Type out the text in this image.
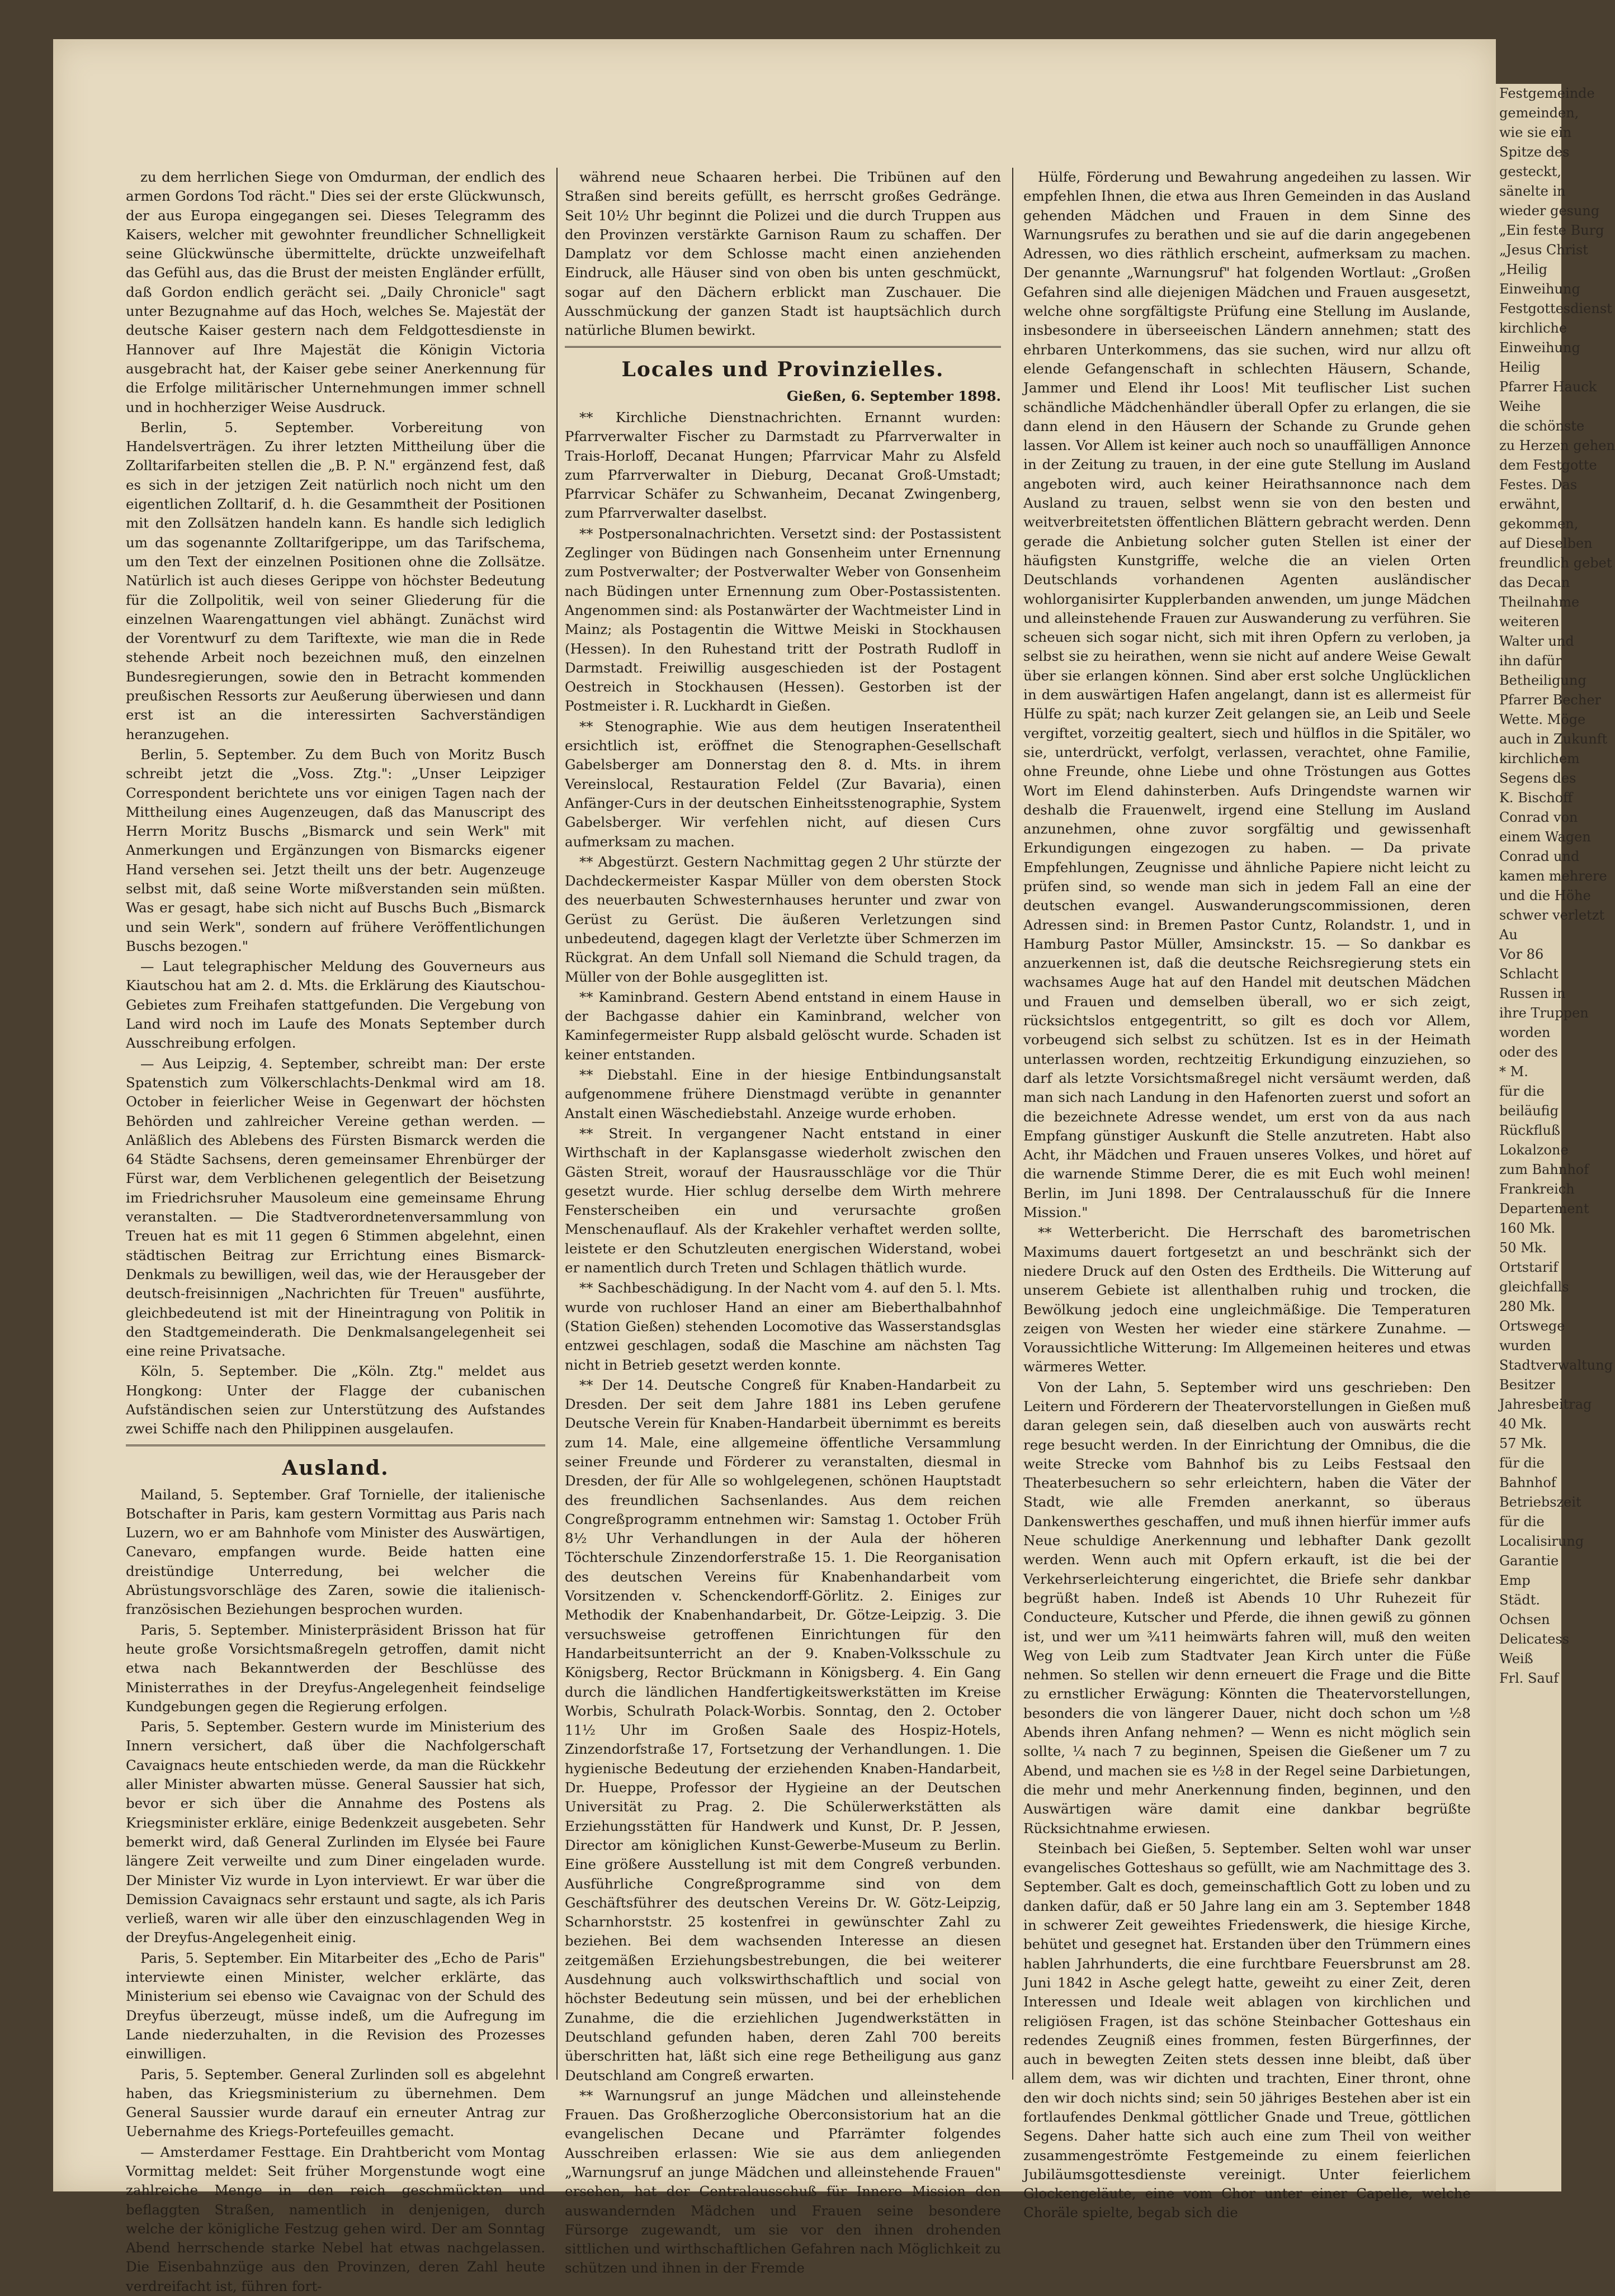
Festgemeinde
gemeinden,
wie sie ein
Spitze des
gesteckt,
sänelte in
wieder gesung
„Ein feste Burg
„Jesus Christ
„Heilig
Einweihung
Festgottesdienst
kirchliche
Einweihung
Heilig
Pfarrer Hauck
Weihe
die schönste
zu Herzen gehen
dem Festgotte
Festes. Das
erwähnt,
gekommen,
auf Dieselben
freundlich gebet
das Decan
Theilnahme
weiteren
Walter und
ihn dafür
Betheiligung
Pfarrer Becher
Wette. Möge
auch in Zukunft
kirchlichem
Segens des
K. Bischoff
Conrad von
einem Wagen
Conrad und
kamen mehrere
und die Höhe
schwer verletzt
Au
Vor 86
Schlacht
Russen in
ihre Truppen
worden
oder des
* M.
für die
beiläufig
Rückfluß
Lokalzone
zum Bahnhof
Frankreich
Departement
160 Mk.
50 Mk.
Ortstarif
gleichfalls
280 Mk.
Ortswege
wurden
Stadtverwaltung
Besitzer
Jahresbeitrag
40 Mk.
57 Mk.
für die
Bahnhof
Betriebszeit
für die
Localisirung
Garantie
Emp
Städt.
Ochsen
Delicatess
Weiß
Frl. Sauf

zu dem herrlichen Siege von Omdurman, der endlich des armen Gordons Tod rächt." Dies sei der erste Glückwunsch, der aus Europa eingegangen sei. Dieses Telegramm des Kaisers, welcher mit gewohnter freundlicher Schnelligkeit seine Glückwünsche übermittelte, drückte unzweifelhaft das Gefühl aus, das die Brust der meisten Engländer erfüllt, daß Gordon endlich gerächt sei. „Daily Chronicle" sagt unter Bezugnahme auf das Hoch, welches Se. Majestät der deutsche Kaiser gestern nach dem Feldgottesdienste in Hannover auf Ihre Majestät die Königin Victoria ausgebracht hat, der Kaiser gebe seiner Anerkennung für die Erfolge militärischer Unternehmungen immer schnell und in hochherziger Weise Ausdruck.

Berlin, 5. September. Vorbereitung von Handelsverträgen. Zu ihrer letzten Mittheilung über die Zolltarifarbeiten stellen die „B. P. N." ergänzend fest, daß es sich in der jetzigen Zeit natürlich noch nicht um den eigentlichen Zolltarif, d. h. die Gesammtheit der Positionen mit den Zollsätzen handeln kann. Es handle sich lediglich um das sogenannte Zolltarifgerippe, um das Tarifschema, um den Text der einzelnen Positionen ohne die Zollsätze. Natürlich ist auch dieses Gerippe von höchster Bedeutung für die Zollpolitik, weil von seiner Gliederung für die einzelnen Waarengattungen viel abhängt. Zunächst wird der Vorentwurf zu dem Tariftexte, wie man die in Rede stehende Arbeit noch bezeichnen muß, den einzelnen Bundesregierungen, sowie den in Betracht kommenden preußischen Ressorts zur Aeußerung überwiesen und dann erst ist an die interessirten Sachverständigen heranzugehen.

Berlin, 5. September. Zu dem Buch von Moritz Busch schreibt jetzt die „Voss. Ztg.": „Unser Leipziger Correspondent berichtete uns vor einigen Tagen nach der Mittheilung eines Augenzeugen, daß das Manuscript des Herrn Moritz Buschs „Bismarck und sein Werk" mit Anmerkungen und Ergänzungen von Bismarcks eigener Hand versehen sei. Jetzt theilt uns der betr. Augenzeuge selbst mit, daß seine Worte mißverstanden sein müßten. Was er gesagt, habe sich nicht auf Buschs Buch „Bismarck und sein Werk", sondern auf frühere Veröffentlichungen Buschs bezogen."

— Laut telegraphischer Meldung des Gouverneurs aus Kiautschou hat am 2. d. Mts. die Erklärung des Kiautschou-Gebietes zum Freihafen stattgefunden. Die Vergebung von Land wird noch im Laufe des Monats September durch Ausschreibung erfolgen.

— Aus Leipzig, 4. September, schreibt man: Der erste Spatenstich zum Völkerschlachts-Denkmal wird am 18. October in feierlicher Weise in Gegenwart der höchsten Behörden und zahlreicher Vereine gethan werden. — Anläßlich des Ablebens des Fürsten Bismarck werden die 64 Städte Sachsens, deren gemeinsamer Ehrenbürger der Fürst war, dem Verblichenen gelegentlich der Beisetzung im Friedrichsruher Mausoleum eine gemeinsame Ehrung veranstalten. — Die Stadtverordnetenversammlung von Treuen hat es mit 11 gegen 6 Stimmen abgelehnt, einen städtischen Beitrag zur Errichtung eines Bismarck-Denkmals zu bewilligen, weil das, wie der Herausgeber der deutsch-freisinnigen „Nachrichten für Treuen" ausführte, gleichbedeutend ist mit der Hineintragung von Politik in den Stadtgemeinderath. Die Denkmalsangelegenheit sei eine reine Privatsache.

Köln, 5. September. Die „Köln. Ztg." meldet aus Hongkong: Unter der Flagge der cubanischen Aufständischen seien zur Unterstützung des Aufstandes zwei Schiffe nach den Philippinen ausgelaufen.

Ausland.

Mailand, 5. September. Graf Tornielle, der italienische Botschafter in Paris, kam gestern Vormittag aus Paris nach Luzern, wo er am Bahnhofe vom Minister des Auswärtigen, Canevaro, empfangen wurde. Beide hatten eine dreistündige Unterredung, bei welcher die Abrüstungsvorschläge des Zaren, sowie die italienisch-französischen Beziehungen besprochen wurden.

Paris, 5. September. Ministerpräsident Brisson hat für heute große Vorsichtsmaßregeln getroffen, damit nicht etwa nach Bekanntwerden der Beschlüsse des Ministerrathes in der Dreyfus-Angelegenheit feindselige Kundgebungen gegen die Regierung erfolgen.

Paris, 5. September. Gestern wurde im Ministerium des Innern versichert, daß über die Nachfolgerschaft Cavaignacs heute entschieden werde, da man die Rückkehr aller Minister abwarten müsse. General Saussier hat sich, bevor er sich über die Annahme des Postens als Kriegsminister erkläre, einige Bedenkzeit ausgebeten. Sehr bemerkt wird, daß General Zurlinden im Elysée bei Faure längere Zeit verweilte und zum Diner eingeladen wurde. Der Minister Viz wurde in Lyon interviewt. Er war über die Demission Cavaignacs sehr erstaunt und sagte, als ich Paris verließ, waren wir alle über den einzuschlagenden Weg in der Dreyfus-Angelegenheit einig.

Paris, 5. September. Ein Mitarbeiter des „Echo de Paris" interviewte einen Minister, welcher erklärte, das Ministerium sei ebenso wie Cavaignac von der Schuld des Dreyfus überzeugt, müsse indeß, um die Aufregung im Lande niederzuhalten, in die Revision des Prozesses einwilligen.

Paris, 5. September. General Zurlinden soll es abgelehnt haben, das Kriegsministerium zu übernehmen. Dem General Saussier wurde darauf ein erneuter Antrag zur Uebernahme des Kriegs-Portefeuilles gemacht.

— Amsterdamer Festtage. Ein Drahtbericht vom Montag Vormittag meldet: Seit früher Morgenstunde wogt eine zahlreiche Menge in den reich geschmückten und beflaggten Straßen, namentlich in denjenigen, durch welche der königliche Festzug gehen wird. Der am Sonntag Abend herrschende starke Nebel hat etwas nachgelassen. Die Eisenbahnzüge aus den Provinzen, deren Zahl heute verdreifacht ist, führen fort-

während neue Schaaren herbei. Die Tribünen auf den Straßen sind bereits gefüllt, es herrscht großes Gedränge. Seit 10½ Uhr beginnt die Polizei und die durch Truppen aus den Provinzen verstärkte Garnison Raum zu schaffen. Der Damplatz vor dem Schlosse macht einen anziehenden Eindruck, alle Häuser sind von oben bis unten geschmückt, sogar auf den Dächern erblickt man Zuschauer. Die Ausschmückung der ganzen Stadt ist hauptsächlich durch natürliche Blumen bewirkt.

Locales und Provinzielles.
Gießen, 6. September 1898.

** Kirchliche Dienstnachrichten. Ernannt wurden: Pfarrverwalter Fischer zu Darmstadt zu Pfarrverwalter in Trais-Horloff, Decanat Hungen; Pfarrvicar Mahr zu Alsfeld zum Pfarrverwalter in Dieburg, Decanat Groß-Umstadt; Pfarrvicar Schäfer zu Schwanheim, Decanat Zwingenberg, zum Pfarrverwalter daselbst.

** Postpersonalnachrichten. Versetzt sind: der Postassistent Zeglinger von Büdingen nach Gonsenheim unter Ernennung zum Postverwalter; der Postverwalter Weber von Gonsenheim nach Büdingen unter Ernennung zum Ober-Postassistenten. Angenommen sind: als Postanwärter der Wachtmeister Lind in Mainz; als Postagentin die Wittwe Meiski in Stockhausen (Hessen). In den Ruhestand tritt der Postrath Rudloff in Darmstadt. Freiwillig ausgeschieden ist der Postagent Oestreich in Stockhausen (Hessen). Gestorben ist der Postmeister i. R. Luckhardt in Gießen.

** Stenographie. Wie aus dem heutigen Inseratentheil ersichtlich ist, eröffnet die Stenographen-Gesellschaft Gabelsberger am Donnerstag den 8. d. Mts. in ihrem Vereinslocal, Restauration Feldel (Zur Bavaria), einen Anfänger-Curs in der deutschen Einheitsstenographie, System Gabelsberger. Wir verfehlen nicht, auf diesen Curs aufmerksam zu machen.

** Abgestürzt. Gestern Nachmittag gegen 2 Uhr stürzte der Dachdeckermeister Kaspar Müller von dem obersten Stock des neuerbauten Schwesternhauses herunter und zwar von Gerüst zu Gerüst. Die äußeren Verletzungen sind unbedeutend, dagegen klagt der Verletzte über Schmerzen im Rückgrat. An dem Unfall soll Niemand die Schuld tragen, da Müller von der Bohle ausgeglitten ist.

** Kaminbrand. Gestern Abend entstand in einem Hause in der Bachgasse dahier ein Kaminbrand, welcher von Kaminfegermeister Rupp alsbald gelöscht wurde. Schaden ist keiner entstanden.

** Diebstahl. Eine in der hiesige Entbindungsanstalt aufgenommene frühere Dienstmagd verübte in genannter Anstalt einen Wäschediebstahl. Anzeige wurde erhoben.

** Streit. In vergangener Nacht entstand in einer Wirthschaft in der Kaplansgasse wiederholt zwischen den Gästen Streit, worauf der Hausrausschläge vor die Thür gesetzt wurde. Hier schlug derselbe dem Wirth mehrere Fensterscheiben ein und verursachte großen Menschenauflauf. Als der Krakehler verhaftet werden sollte, leistete er den Schutzleuten energischen Widerstand, wobei er namentlich durch Treten und Schlagen thätlich wurde.

** Sachbeschädigung. In der Nacht vom 4. auf den 5. l. Mts. wurde von ruchloser Hand an einer am Bieberthalbahnhof (Station Gießen) stehenden Locomotive das Wasserstandsglas entzwei geschlagen, sodaß die Maschine am nächsten Tag nicht in Betrieb gesetzt werden konnte.

** Der 14. Deutsche Congreß für Knaben-Handarbeit zu Dresden. Der seit dem Jahre 1881 ins Leben gerufene Deutsche Verein für Knaben-Handarbeit übernimmt es bereits zum 14. Male, eine allgemeine öffentliche Versammlung seiner Freunde und Förderer zu veranstalten, diesmal in Dresden, der für Alle so wohlgelegenen, schönen Hauptstadt des freundlichen Sachsenlandes. Aus dem reichen Congreßprogramm entnehmen wir: Samstag 1. October Früh 8½ Uhr Verhandlungen in der Aula der höheren Töchterschule Zinzendorferstraße 15. 1. Die Reorganisation des deutschen Vereins für Knabenhandarbeit vom Vorsitzenden v. Schenckendorff-Görlitz. 2. Einiges zur Methodik der Knabenhandarbeit, Dr. Götze-Leipzig. 3. Die versuchsweise getroffenen Einrichtungen für den Handarbeitsunterricht an der 9. Knaben-Volksschule zu Königsberg, Rector Brückmann in Königsberg. 4. Ein Gang durch die ländlichen Handfertigkeitswerkstätten im Kreise Worbis, Schulrath Polack-Worbis. Sonntag, den 2. October 11½ Uhr im Großen Saale des Hospiz-Hotels, Zinzendorfstraße 17, Fortsetzung der Verhandlungen. 1. Die hygienische Bedeutung der erziehenden Knaben-Handarbeit, Dr. Hueppe, Professor der Hygieine an der Deutschen Universität zu Prag. 2. Die Schülerwerkstätten als Erziehungsstätten für Handwerk und Kunst, Dr. P. Jessen, Director am königlichen Kunst-Gewerbe-Museum zu Berlin. Eine größere Ausstellung ist mit dem Congreß verbunden. Ausführliche Congreßprogramme sind von dem Geschäftsführer des deutschen Vereins Dr. W. Götz-Leipzig, Scharnhorststr. 25 kostenfrei in gewünschter Zahl zu beziehen. Bei dem wachsenden Interesse an diesen zeitgemäßen Erziehungsbestrebungen, die bei weiterer Ausdehnung auch volkswirthschaftlich und social von höchster Bedeutung sein müssen, und bei der erheblichen Zunahme, die die erziehlichen Jugendwerkstätten in Deutschland gefunden haben, deren Zahl 700 bereits überschritten hat, läßt sich eine rege Betheiligung aus ganz Deutschland am Congreß erwarten.

** Warnungsruf an junge Mädchen und alleinstehende Frauen. Das Großherzogliche Oberconsistorium hat an die evangelischen Decane und Pfarrämter folgendes Ausschreiben erlassen: Wie sie aus dem anliegenden „Warnungsruf an junge Mädchen und alleinstehende Frauen" ersehen, hat der Centralausschuß für Innere Mission den auswandernden Mädchen und Frauen seine besondere Fürsorge zugewandt, um sie vor den ihnen drohenden sittlichen und wirthschaftlichen Gefahren nach Möglichkeit zu schützen und ihnen in der Fremde

Hülfe, Förderung und Bewahrung angedeihen zu lassen. Wir empfehlen Ihnen, die etwa aus Ihren Gemeinden in das Ausland gehenden Mädchen und Frauen in dem Sinne des Warnungsrufes zu berathen und sie auf die darin angegebenen Adressen, wo dies räthlich erscheint, aufmerksam zu machen. Der genannte „Warnungsruf" hat folgenden Wortlaut: „Großen Gefahren sind alle diejenigen Mädchen und Frauen ausgesetzt, welche ohne sorgfältigste Prüfung eine Stellung im Auslande, insbesondere in überseeischen Ländern annehmen; statt des ehrbaren Unterkommens, das sie suchen, wird nur allzu oft elende Gefangenschaft in schlechten Häusern, Schande, Jammer und Elend ihr Loos! Mit teuflischer List suchen schändliche Mädchenhändler überall Opfer zu erlangen, die sie dann elend in den Häusern der Schande zu Grunde gehen lassen. Vor Allem ist keiner auch noch so unauffälligen Annonce in der Zeitung zu trauen, in der eine gute Stellung im Ausland angeboten wird, auch keiner Heirathsannonce nach dem Ausland zu trauen, selbst wenn sie von den besten und weitverbreitetsten öffentlichen Blättern gebracht werden. Denn gerade die Anbietung solcher guten Stellen ist einer der häufigsten Kunstgriffe, welche die an vielen Orten Deutschlands vorhandenen Agenten ausländischer wohlorganisirter Kupplerbanden anwenden, um junge Mädchen und alleinstehende Frauen zur Auswanderung zu verführen. Sie scheuen sich sogar nicht, sich mit ihren Opfern zu verloben, ja selbst sie zu heirathen, wenn sie nicht auf andere Weise Gewalt über sie erlangen können. Sind aber erst solche Unglücklichen in dem auswärtigen Hafen angelangt, dann ist es allermeist für Hülfe zu spät; nach kurzer Zeit gelangen sie, an Leib und Seele vergiftet, vorzeitig gealtert, siech und hülflos in die Spitäler, wo sie, unterdrückt, verfolgt, verlassen, verachtet, ohne Familie, ohne Freunde, ohne Liebe und ohne Tröstungen aus Gottes Wort im Elend dahinsterben. Aufs Dringendste warnen wir deshalb die Frauenwelt, irgend eine Stellung im Ausland anzunehmen, ohne zuvor sorgfältig und gewissenhaft Erkundigungen eingezogen zu haben. — Da private Empfehlungen, Zeugnisse und ähnliche Papiere nicht leicht zu prüfen sind, so wende man sich in jedem Fall an eine der deutschen evangel. Auswanderungscommissionen, deren Adressen sind: in Bremen Pastor Cuntz, Rolandstr. 1, und in Hamburg Pastor Müller, Amsinckstr. 15. — So dankbar es anzuerkennen ist, daß die deutsche Reichsregierung stets ein wachsames Auge hat auf den Handel mit deutschen Mädchen und Frauen und demselben überall, wo er sich zeigt, rücksichtslos entgegentritt, so gilt es doch vor Allem, vorbeugend sich selbst zu schützen. Ist es in der Heimath unterlassen worden, rechtzeitig Erkundigung einzuziehen, so darf als letzte Vorsichtsmaßregel nicht versäumt werden, daß man sich nach Landung in den Hafenorten zuerst und sofort an die bezeichnete Adresse wendet, um erst von da aus nach Empfang günstiger Auskunft die Stelle anzutreten. Habt also Acht, ihr Mädchen und Frauen unseres Volkes, und höret auf die warnende Stimme Derer, die es mit Euch wohl meinen! Berlin, im Juni 1898. Der Centralausschuß für die Innere Mission."

** Wetterbericht. Die Herrschaft des barometrischen Maximums dauert fortgesetzt an und beschränkt sich der niedere Druck auf den Osten des Erdtheils. Die Witterung auf unserem Gebiete ist allenthalben ruhig und trocken, die Bewölkung jedoch eine ungleichmäßige. Die Temperaturen zeigen von Westen her wieder eine stärkere Zunahme. — Voraussichtliche Witterung: Im Allgemeinen heiteres und etwas wärmeres Wetter.

Von der Lahn, 5. September wird uns geschrieben: Den Leitern und Förderern der Theatervorstellungen in Gießen muß daran gelegen sein, daß dieselben auch von auswärts recht rege besucht werden. In der Einrichtung der Omnibus, die die weite Strecke vom Bahnhof bis zu Leibs Festsaal den Theaterbesuchern so sehr erleichtern, haben die Väter der Stadt, wie alle Fremden anerkannt, so überaus Dankenswerthes geschaffen, und muß ihnen hierfür immer aufs Neue schuldige Anerkennung und lebhafter Dank gezollt werden. Wenn auch mit Opfern erkauft, ist die bei der Verkehrserleichterung eingerichtet, die Briefe sehr dankbar begrüßt haben. Indeß ist Abends 10 Uhr Ruhezeit für Conducteure, Kutscher und Pferde, die ihnen gewiß zu gönnen ist, und wer um ¾11 heimwärts fahren will, muß den weiten Weg von Leib zum Stadtvater Jean Kirch unter die Füße nehmen. So stellen wir denn erneuert die Frage und die Bitte zu ernstlicher Erwägung: Könnten die Theatervorstellungen, besonders die von längerer Dauer, nicht doch schon um ½8 Abends ihren Anfang nehmen? — Wenn es nicht möglich sein sollte, ¼ nach 7 zu beginnen, Speisen die Gießener um 7 zu Abend, und machen sie es ½8 in der Regel seine Darbietungen, die mehr und mehr Anerkennung finden, beginnen, und den Auswärtigen wäre damit eine dankbar begrüßte Rücksichtnahme erwiesen.

Steinbach bei Gießen, 5. September. Selten wohl war unser evangelisches Gotteshaus so gefüllt, wie am Nachmittage des 3. September. Galt es doch, gemeinschaftlich Gott zu loben und zu danken dafür, daß er 50 Jahre lang ein am 3. September 1848 in schwerer Zeit geweihtes Friedenswerk, die hiesige Kirche, behütet und gesegnet hat. Erstanden über den Trümmern eines hablen Jahrhunderts, die eine furchtbare Feuersbrunst am 28. Juni 1842 in Asche gelegt hatte, geweiht zu einer Zeit, deren Interessen und Ideale weit ablagen von kirchlichen und religiösen Fragen, ist das schöne Steinbacher Gotteshaus ein redendes Zeugniß eines frommen, festen Bürgerfinnes, der auch in bewegten Zeiten stets dessen inne bleibt, daß über allem dem, was wir dichten und trachten, Einer thront, ohne den wir doch nichts sind; sein 50 jähriges Bestehen aber ist ein fortlaufendes Denkmal göttlicher Gnade und Treue, göttlichen Segens. Daher hatte sich auch eine zum Theil von weither zusammengeströmte Festgemeinde zu einem feierlichen Jubiläumsgottesdienste vereinigt. Unter feierlichem Glockengeläute, eine vom Chor unter einer Capelle, welche Choräle spielte, begab sich die
